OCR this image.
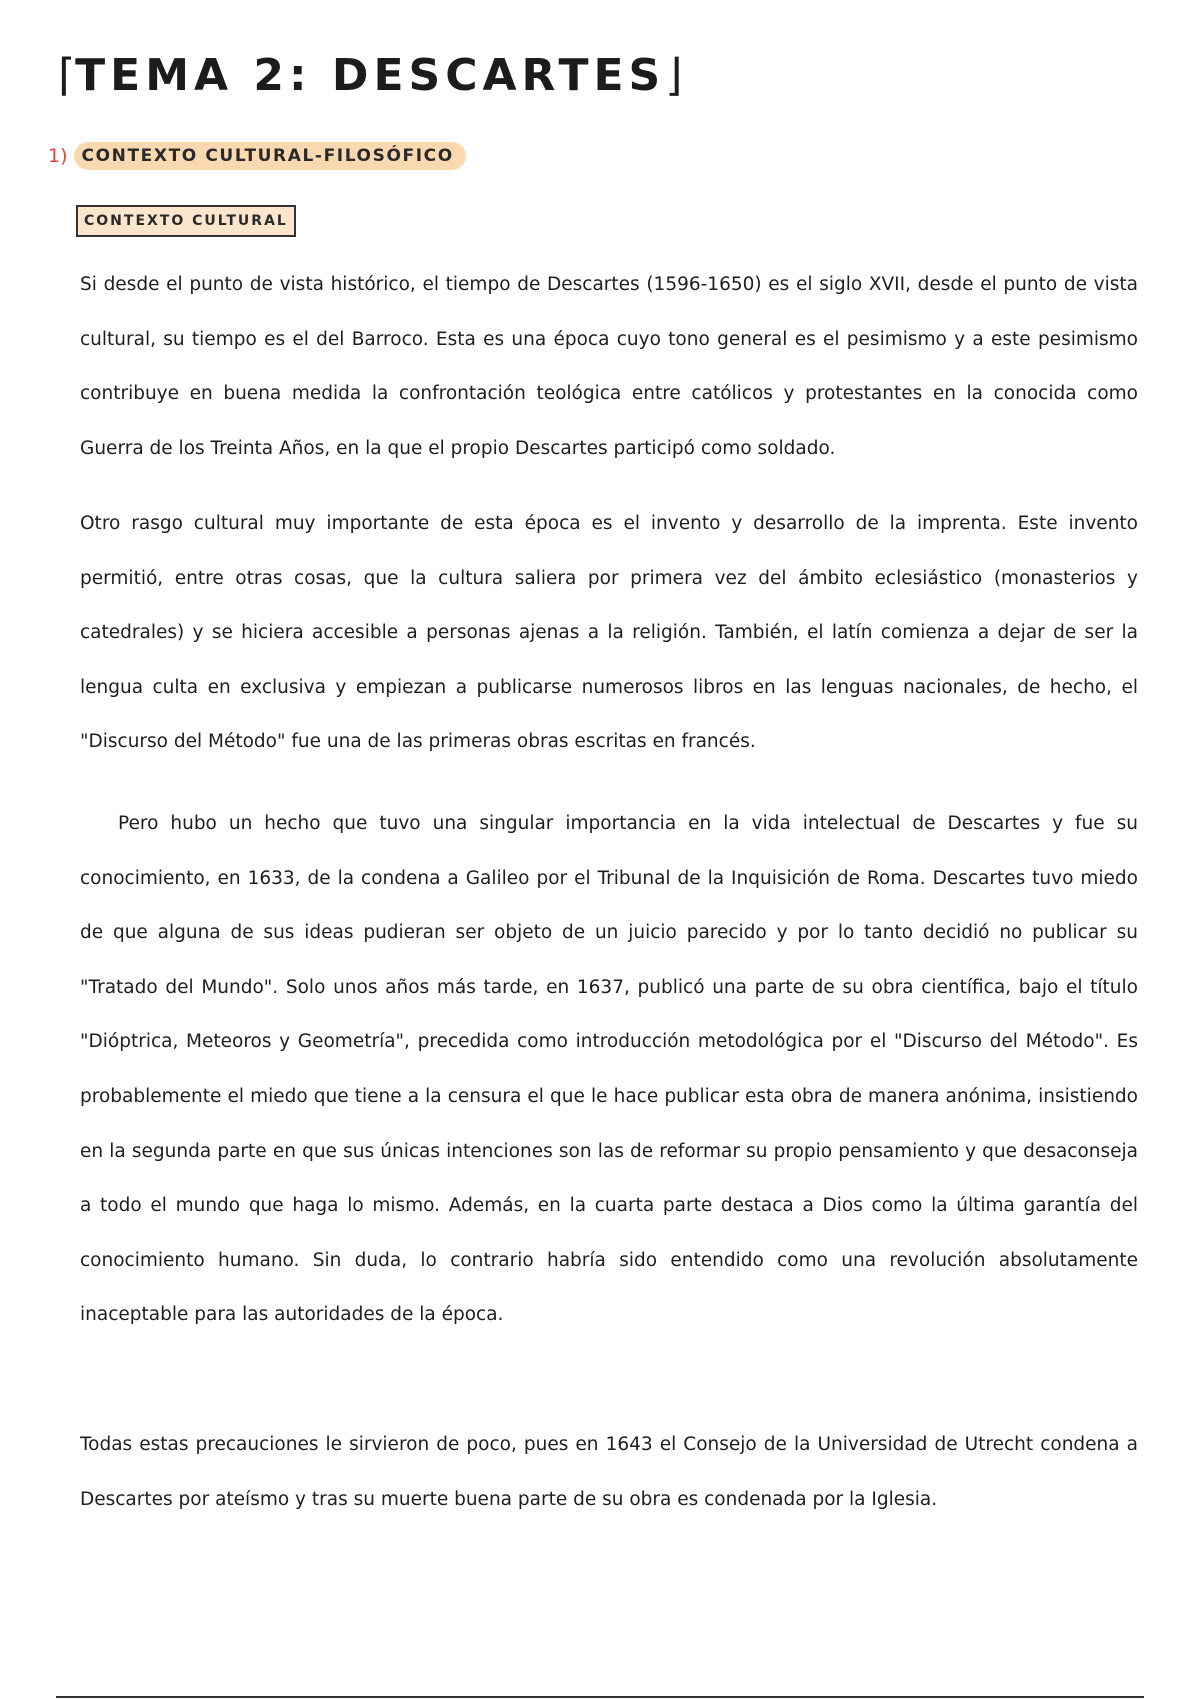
⌈TEMA 2: DESCARTES⌋
1) CONTEXTO CULTURAL-FILOSÓFICO
CONTEXTO CULTURAL

Si desde el punto de vista histórico, el tiempo de Descartes (1596-1650) es el siglo XVII, desde el punto de vista cultural, su tiempo es el del Barroco. Esta es una época cuyo tono general es el pesimismo y a este pesimismo contribuye en buena medida la confrontación teológica entre católicos y protestantes en la conocida como Guerra de los Treinta Años, en la que el propio Descartes participó como soldado.

Otro rasgo cultural muy importante de esta época es el invento y desarrollo de la imprenta. Este invento permitió, entre otras cosas, que la cultura saliera por primera vez del ámbito eclesiástico (monasterios y catedrales) y se hiciera accesible a personas ajenas a la religión. También, el latín comienza a dejar de ser la lengua culta en exclusiva y empiezan a publicarse numerosos libros en las lenguas nacionales, de hecho, el "Discurso del Método" fue una de las primeras obras escritas en francés.

Pero hubo un hecho que tuvo una singular importancia en la vida intelectual de Descartes y fue su conocimiento, en 1633, de la condena a Galileo por el Tribunal de la Inquisición de Roma. Descartes tuvo miedo de que alguna de sus ideas pudieran ser objeto de un juicio parecido y por lo tanto decidió no publicar su "Tratado del Mundo". Solo unos años más tarde, en 1637, publicó una parte de su obra científica, bajo el título "Dióptrica, Meteoros y Geometría", precedida como introducción metodológica por el "Discurso del Método". Es probablemente el miedo que tiene a la censura el que le hace publicar esta obra de manera anónima, insistiendo en la segunda parte en que sus únicas intenciones son las de reformar su propio pensamiento y que desaconseja a todo el mundo que haga lo mismo. Además, en la cuarta parte destaca a Dios como la última garantía del conocimiento humano. Sin duda, lo contrario habría sido entendido como una revolución absolutamente inaceptable para las autoridades de la época.

Todas estas precauciones le sirvieron de poco, pues en 1643 el Consejo de la Universidad de Utrecht condena a Descartes por ateísmo y tras su muerte buena parte de su obra es condenada por la Iglesia.
